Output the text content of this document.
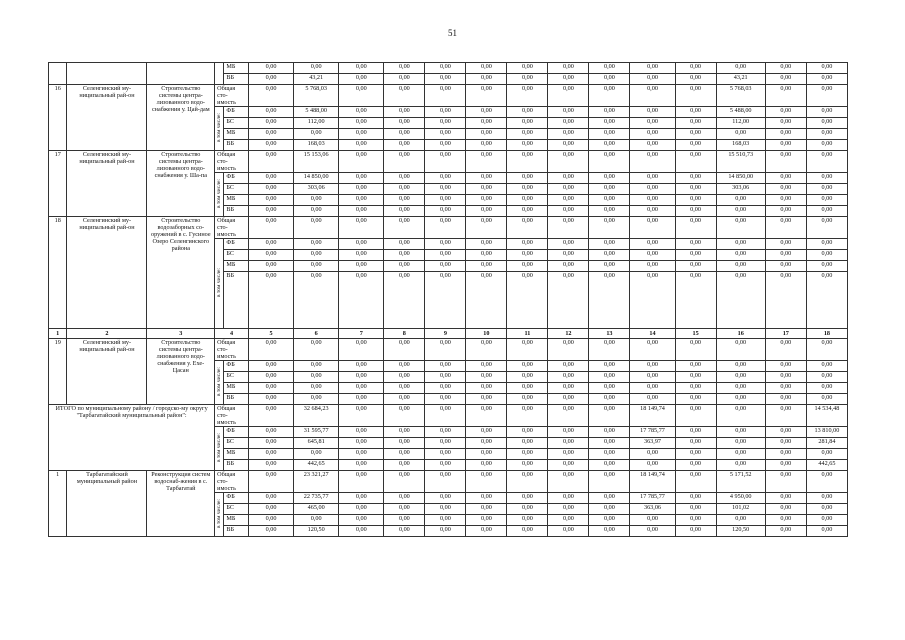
51
				МБ	0,00	0,00	0,00	0,00	0,00	0,00	0,00	0,00	0,00	0,00	0,00	0,00	0,00	0,00
				ВБ	0,00	43,21	0,00	0,00	0,00	0,00	0,00	0,00	0,00	0,00	0,00	43,21	0,00	0,00
16	Селенгинский му-ниципальный рай-он	Строительство системы центра-лизованного водо-снабжения у. Цай-дам	Общая сто-имость		0,00	5 768,03	0,00	0,00	0,00	0,00	0,00	0,00	0,00	0,00	0,00	5 768,03	0,00	0,00
			в том числе:	ФБ	0,00	5 488,00	0,00	0,00	0,00	0,00	0,00	0,00	0,00	0,00	0,00	5 488,00	0,00	0,00
				БС	0,00	112,00	0,00	0,00	0,00	0,00	0,00	0,00	0,00	0,00	0,00	112,00	0,00	0,00
				МБ	0,00	0,00	0,00	0,00	0,00	0,00	0,00	0,00	0,00	0,00	0,00	0,00	0,00	0,00
				ВБ	0,00	168,03	0,00	0,00	0,00	0,00	0,00	0,00	0,00	0,00	0,00	168,03	0,00	0,00
17	Селенгинский му-ниципальный рай-он	Строительство системы центра-лизованного водо-снабжения у. Ша-па	Общая сто-имость		0,00	15 153,06	0,00	0,00	0,00	0,00	0,00	0,00	0,00	0,00	0,00	15 510,73	0,00	0,00
			в том числе:	ФБ	0,00	14 850,00	0,00	0,00	0,00	0,00	0,00	0,00	0,00	0,00	0,00	14 850,00	0,00	0,00
				БС	0,00	303,06	0,00	0,00	0,00	0,00	0,00	0,00	0,00	0,00	0,00	303,06	0,00	0,00
				МБ	0,00	0,00	0,00	0,00	0,00	0,00	0,00	0,00	0,00	0,00	0,00	0,00	0,00	0,00
				ВБ	0,00	0,00	0,00	0,00	0,00	0,00	0,00	0,00	0,00	0,00	0,00	0,00	0,00	0,00
18	Селенгинский му-ниципальный рай-он	Строительство водозаборных со-оружений в с. Гусиное Озеро Селенгинского района	Общая сто-имость		0,00	0,00	0,00	0,00	0,00	0,00	0,00	0,00	0,00	0,00	0,00	0,00	0,00	0,00
			в том числе:	ФБ	0,00	0,00	0,00	0,00	0,00	0,00	0,00	0,00	0,00	0,00	0,00	0,00	0,00	0,00
				БС	0,00	0,00	0,00	0,00	0,00	0,00	0,00	0,00	0,00	0,00	0,00	0,00	0,00	0,00
				МБ	0,00	0,00	0,00	0,00	0,00	0,00	0,00	0,00	0,00	0,00	0,00	0,00	0,00	0,00
				ВБ	0,00	0,00	0,00	0,00	0,00	0,00	0,00	0,00	0,00	0,00	0,00	0,00	0,00	0,00
1	2	3	4		5	6	7	8	9	10	11	12	13	14	15	16	17	18
19	Селенгинский му-ниципальный рай-он	Строительство системы центра-лизованного водо-снабжения у. Ехе-Цасан	Общая сто-имость		0,00	0,00	0,00	0,00	0,00	0,00	0,00	0,00	0,00	0,00	0,00	0,00	0,00	0,00
			в том числе:	ФБ	0,00	0,00	0,00	0,00	0,00	0,00	0,00	0,00	0,00	0,00	0,00	0,00	0,00	0,00
				БС	0,00	0,00	0,00	0,00	0,00	0,00	0,00	0,00	0,00	0,00	0,00	0,00	0,00	0,00
				МБ	0,00	0,00	0,00	0,00	0,00	0,00	0,00	0,00	0,00	0,00	0,00	0,00	0,00	0,00
				ВБ	0,00	0,00	0,00	0,00	0,00	0,00	0,00	0,00	0,00	0,00	0,00	0,00	0,00	0,00
ИТОГО по муниципальному району / городско-му округу "Тарбагатайский муниципальный район":			Общая сто-имость		0,00	32 684,23	0,00	0,00	0,00	0,00	0,00	0,00	0,00	18 149,74	0,00	0,00	0,00	14 534,48
			в том числе:	ФБ	0,00	31 595,77	0,00	0,00	0,00	0,00	0,00	0,00	0,00	17 785,77	0,00	0,00	0,00	13 810,00
				БС	0,00	645,81	0,00	0,00	0,00	0,00	0,00	0,00	0,00	363,97	0,00	0,00	0,00	281,84
				МБ	0,00	0,00	0,00	0,00	0,00	0,00	0,00	0,00	0,00	0,00	0,00	0,00	0,00	0,00
				ВБ	0,00	442,65	0,00	0,00	0,00	0,00	0,00	0,00	0,00	0,00	0,00	0,00	0,00	442,65
1	Тарбагатайский муниципальный район	Реконструкция систем водоснаб-жения в с. Тарбагатай	Общая сто-имость		0,00	23 321,27	0,00	0,00	0,00	0,00	0,00	0,00	0,00	18 149,74	0,00	5 171,52	0,00	0,00
			в том числе:	ФБ	0,00	22 735,77	0,00	0,00	0,00	0,00	0,00	0,00	0,00	17 785,77	0,00	4 950,00	0,00	0,00
				БС	0,00	465,00	0,00	0,00	0,00	0,00	0,00	0,00	0,00	363,06	0,00	101,02	0,00	0,00
				МБ	0,00	0,00	0,00	0,00	0,00	0,00	0,00	0,00	0,00	0,00	0,00	0,00	0,00	0,00
				ВБ	0,00	120,50	0,00	0,00	0,00	0,00	0,00	0,00	0,00	0,00	0,00	120,50	0,00	0,00
